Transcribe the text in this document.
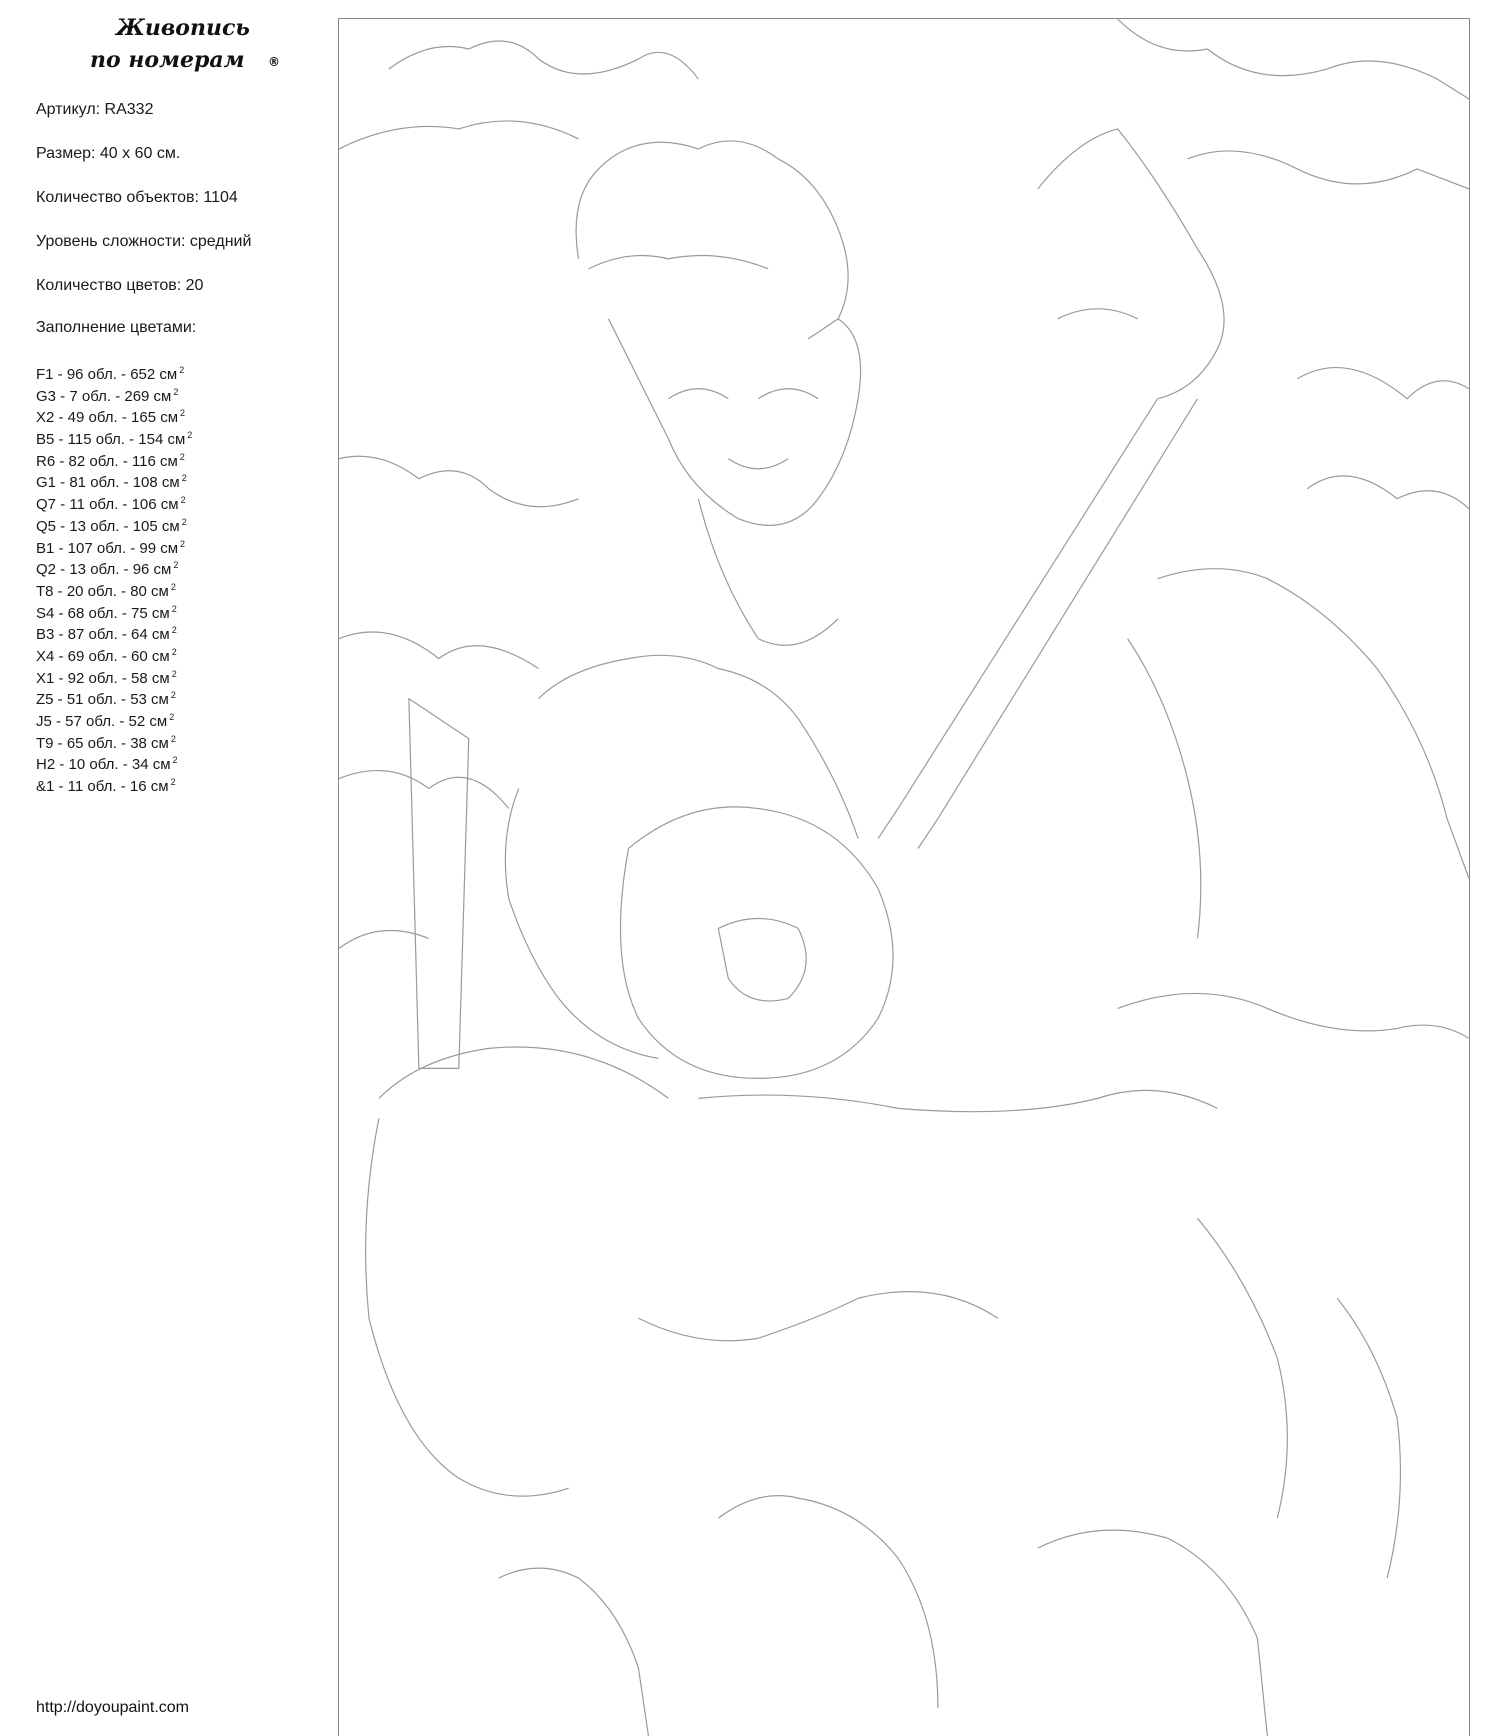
Живопись
по номерам	®
Артикул: RA332
Размер: 40 х 60 см.
Количество объектов: 1104
Уровень сложности: средний
Количество цветов: 20
Заполнение цветами:
F1 - 96 обл. - 652 см $^2$
G3 - 7 обл. - 269 см $^2$
X2 - 49 обл. - 165 см $^2$
B5 - 115 обл. - 154 см $^2$
R6 - 82 обл. - 116 см $^2$
G1 - 81 обл. - 108 см $^2$
Q7 - 11 обл. - 106 см $^2$
Q5 - 13 обл. - 105 см $^2$
B1 - 107 обл. - 99 см $^2$
Q2 - 13 обл. - 96 см $^2$
T8 - 20 обл. - 80 см $^2$
S4 - 68 обл. - 75 см $^2$
B3 - 87 обл. - 64 см $^2$
X4 - 69 обл. - 60 см $^2$
X1 - 92 обл. - 58 см $^2$
Z5 - 51 обл. - 53 см $^2$
J5 - 57 обл. - 52 см $^2$
T9 - 65 обл. - 38 см $^2$
H2 - 10 обл. - 34 см $^2$
&1 - 11 обл. - 16 см $^2$
http://doyoupaint.com
